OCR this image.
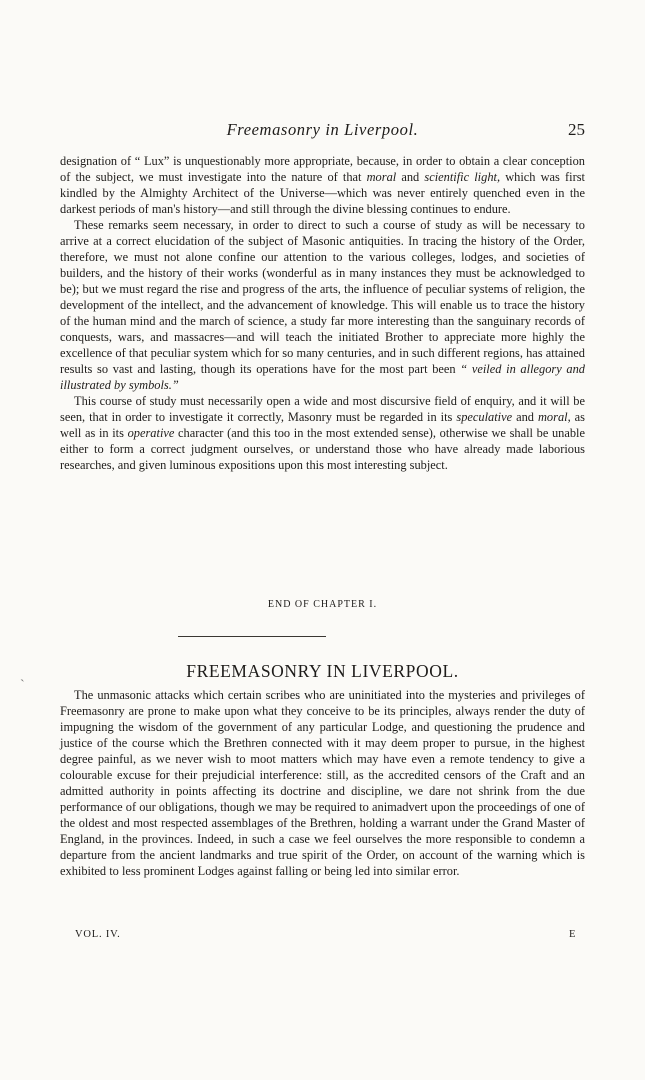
Freemasonry in Liverpool.	25

designation of “ Lux” is unquestionably more appropriate, because, in order to obtain a clear conception of the subject, we must investigate into the nature of that moral and scientific light, which was first kindled by the Almighty Architect of the Universe—which was never entirely quenched even in the darkest periods of man's history—and still through the divine blessing continues to endure.

These remarks seem necessary, in order to direct to such a course of study as will be necessary to arrive at a correct elucidation of the subject of Masonic antiquities. In tracing the history of the Order, therefore, we must not alone confine our attention to the various colleges, lodges, and societies of builders, and the history of their works (wonderful as in many instances they must be acknowledged to be); but we must regard the rise and progress of the arts, the influence of peculiar systems of religion, the development of the intellect, and the advancement of knowledge. This will enable us to trace the history of the human mind and the march of science, a study far more interesting than the sanguinary records of conquests, wars, and massacres—and will teach the initiated Brother to appreciate more highly the excellence of that peculiar system which for so many centuries, and in such different regions, has attained results so vast and lasting, though its operations have for the most part been “ veiled in allegory and illustrated by symbols.”

This course of study must necessarily open a wide and most discursive field of enquiry, and it will be seen, that in order to investigate it correctly, Masonry must be regarded in its speculative and moral, as well as in its operative character (and this too in the most extended sense), otherwise we shall be unable either to form a correct judgment ourselves, or understand those who have already made laborious researches, and given luminous expositions upon this most interesting subject.

END OF CHAPTER I.
ˋ
FREEMASONRY IN LIVERPOOL.

The unmasonic attacks which certain scribes who are uninitiated into the mysteries and privileges of Freemasonry are prone to make upon what they conceive to be its principles, always render the duty of impugning the wisdom of the government of any particular Lodge, and questioning the prudence and justice of the course which the Brethren connected with it may deem proper to pursue, in the highest degree painful, as we never wish to moot matters which may have even a remote tendency to give a colourable excuse for their prejudicial interference: still, as the accredited censors of the Craft and an admitted authority in points affecting its doctrine and discipline, we dare not shrink from the due performance of our obligations, though we may be required to animadvert upon the proceedings of one of the oldest and most respected assemblages of the Brethren, holding a warrant under the Grand Master of England, in the provinces. Indeed, in such a case we feel ourselves the more responsible to condemn a departure from the ancient landmarks and true spirit of the Order, on account of the warning which is exhibited to less prominent Lodges against falling or being led into similar error.

VOL. IV.	E
